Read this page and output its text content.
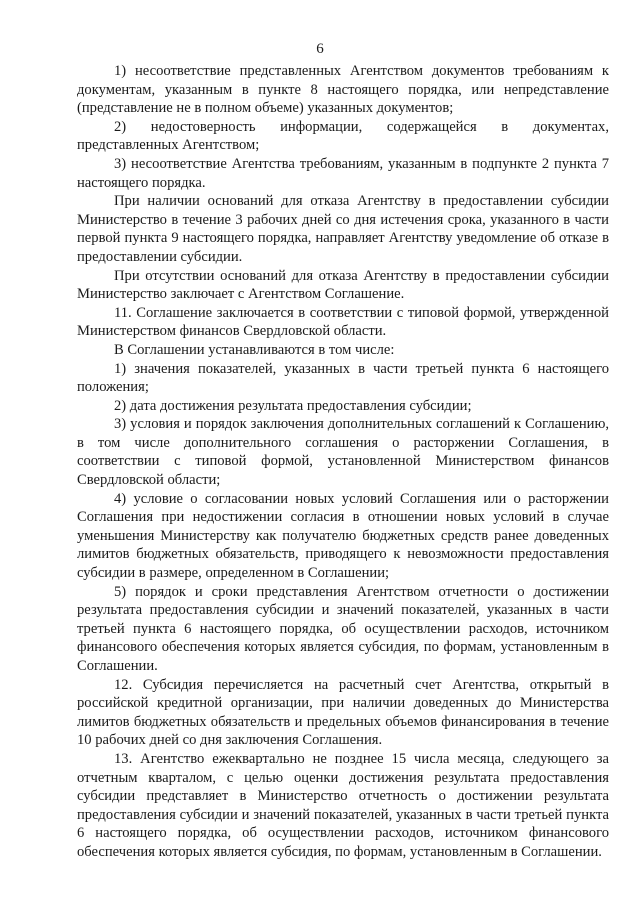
6

1) несоответствие представленных Агентством документов требованиям к документам, указанным в пункте 8 настоящего порядка, или непредставление (представление не в полном объеме) указанных документов;

2) недостоверность информации, содержащейся в документах, представленных Агентством;

3) несоответствие Агентства требованиям, указанным в подпункте 2 пункта 7 настоящего порядка.

При наличии оснований для отказа Агентству в предоставлении субсидии Министерство в течение 3 рабочих дней со дня истечения срока, указанного в части первой пункта 9 настоящего порядка, направляет Агентству уведомление об отказе в предоставлении субсидии.

При отсутствии оснований для отказа Агентству в предоставлении субсидии Министерство заключает с Агентством Соглашение.

11. Соглашение заключается в соответствии с типовой формой, утвержденной Министерством финансов Свердловской области.

В Соглашении устанавливаются в том числе:

1) значения показателей, указанных в части третьей пункта 6 настоящего положения;

2) дата достижения результата предоставления субсидии;

3) условия и порядок заключения дополнительных соглашений к Соглашению, в том числе дополнительного соглашения о расторжении Соглашения, в соответствии с типовой формой, установленной Министерством финансов Свердловской области;

4) условие о согласовании новых условий Соглашения или о расторжении Соглашения при недостижении согласия в отношении новых условий в случае уменьшения Министерству как получателю бюджетных средств ранее доведенных лимитов бюджетных обязательств, приводящего к невозможности предоставления субсидии в размере, определенном в Соглашении;

5) порядок и сроки представления Агентством отчетности о достижении результата предоставления субсидии и значений показателей, указанных в части третьей пункта 6 настоящего порядка, об осуществлении расходов, источником финансового обеспечения которых является субсидия, по формам, установленным в Соглашении.

12. Субсидия перечисляется на расчетный счет Агентства, открытый в российской кредитной организации, при наличии доведенных до Министерства лимитов бюджетных обязательств и предельных объемов финансирования в течение 10 рабочих дней со дня заключения Соглашения.

13. Агентство ежеквартально не позднее 15 числа месяца, следующего за отчетным кварталом, с целью оценки достижения результата предоставления субсидии представляет в Министерство отчетность о достижении результата предоставления субсидии и значений показателей, указанных в части третьей пункта 6 настоящего порядка, об осуществлении расходов, источником финансового обеспечения которых является субсидия, по формам, установленным в Соглашении.
